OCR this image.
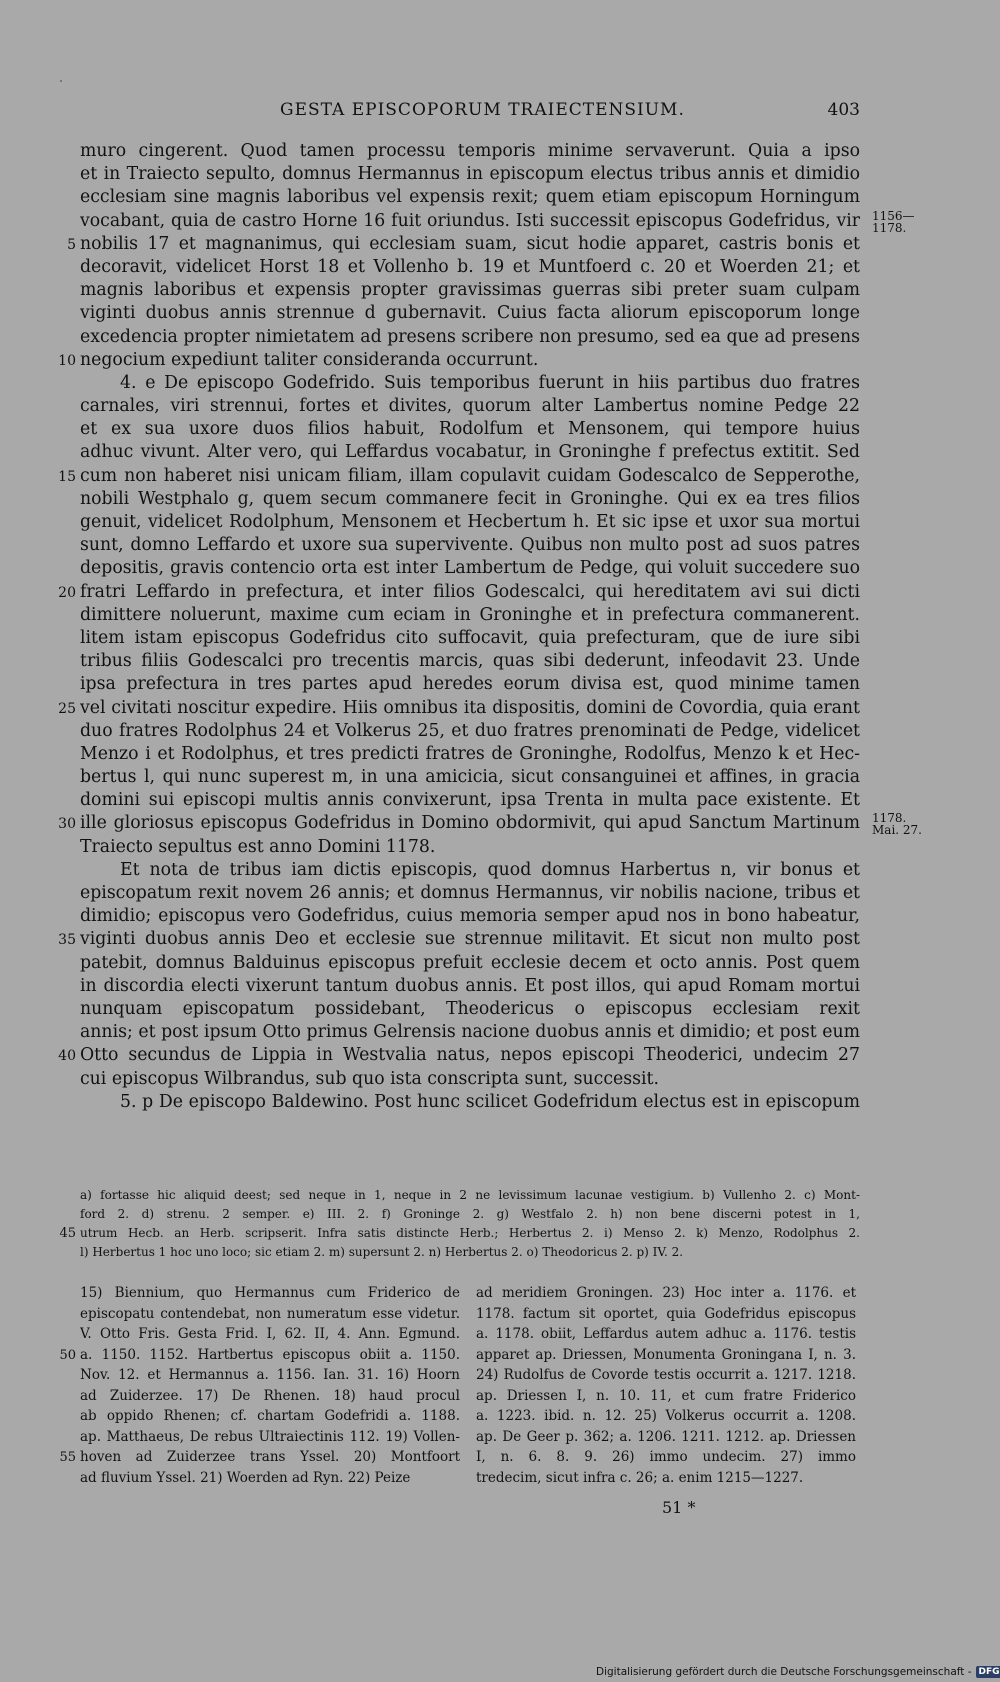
GESTA EPISCOPORUM TRAIECTENSIUM.	403
muro cingerent. Quod tamen processu temporis minime servaverunt. Quia a ipso
et in Traiecto sepulto, domnus Hermannus in episcopum electus tribus annis et dimidio
ecclesiam sine magnis laboribus vel expensis rexit; quem etiam episcopum Horningum
vocabant, quia de castro Horne 16 fuit oriundus. Isti successit episcopus Godefridus, vir 1156—
1178.
5 nobilis 17 et magnanimus, qui ecclesiam suam, sicut hodie apparet, castris bonis et
decoravit, videlicet Horst 18 et Vollenho b. 19 et Muntfoerd c. 20 et Woerden 21; et
magnis laboribus et expensis propter gravissimas guerras sibi preter suam culpam
viginti duobus annis strennue d gubernavit. Cuius facta aliorum episcoporum longe
excedencia propter nimietatem ad presens scribere non presumo, sed ea que ad presens
10 negocium expediunt taliter consideranda occurrunt.
4. e De episcopo Godefrido. Suis temporibus fuerunt in hiis partibus duo fratres
carnales, viri strennui, fortes et divites, quorum alter Lambertus nomine Pedge 22
et ex sua uxore duos filios habuit, Rodolfum et Mensonem, qui tempore huius
adhuc vivunt. Alter vero, qui Leffardus vocabatur, in Groninghe f prefectus extitit. Sed
15 cum non haberet nisi unicam filiam, illam copulavit cuidam Godescalco de Sepperothe,
nobili Westphalo g, quem secum commanere fecit in Groninghe. Qui ex ea tres filios
genuit, videlicet Rodolphum, Mensonem et Hecbertum h. Et sic ipse et uxor sua mortui
sunt, domno Leffardo et uxore sua supervivente. Quibus non multo post ad suos patres
depositis, gravis contencio orta est inter Lambertum de Pedge, qui voluit succedere suo
20 fratri Leffardo in prefectura, et inter filios Godescalci, qui hereditatem avi sui dicti
dimittere noluerunt, maxime cum eciam in Groninghe et in prefectura commanerent.
litem istam episcopus Godefridus cito suffocavit, quia prefecturam, que de iure sibi
tribus filiis Godescalci pro trecentis marcis, quas sibi dederunt, infeodavit 23. Unde
ipsa prefectura in tres partes apud heredes eorum divisa est, quod minime tamen
25 vel civitati noscitur expedire. Hiis omnibus ita dispositis, domini de Covordia, quia erant
duo fratres Rodolphus 24 et Volkerus 25, et duo fratres prenominati de Pedge, videlicet
Menzo i et Rodolphus, et tres predicti fratres de Groninghe, Rodolfus, Menzo k et Hec-
bertus l, qui nunc superest m, in una amicicia, sicut consanguinei et affines, in gracia
domini sui episcopi multis annis convixerunt, ipsa Trenta in multa pace existente. Et
30 ille gloriosus episcopus Godefridus in Domino obdormivit, qui apud Sanctum Martinum 1178.
Mai. 27.
Traiecto sepultus est anno Domini 1178.
Et nota de tribus iam dictis episcopis, quod domnus Harbertus n, vir bonus et
episcopatum rexit novem 26 annis; et domnus Hermannus, vir nobilis nacione, tribus et
dimidio; episcopus vero Godefridus, cuius memoria semper apud nos in bono habeatur,
35 viginti duobus annis Deo et ecclesie sue strennue militavit. Et sicut non multo post
patebit, domnus Balduinus episcopus prefuit ecclesie decem et octo annis. Post quem
in discordia electi vixerunt tantum duobus annis. Et post illos, qui apud Romam mortui
nunquam episcopatum possidebant, Theodericus o episcopus ecclesiam rexit
annis; et post ipsum Otto primus Gelrensis nacione duobus annis et dimidio; et post eum
40 Otto secundus de Lippia in Westvalia natus, nepos episcopi Theoderici, undecim 27
cui episcopus Wilbrandus, sub quo ista conscripta sunt, successit.
5. p De episcopo Baldewino. Post hunc scilicet Godefridum electus est in episcopum
a) fortasse hic aliquid deest; sed neque in 1, neque in 2 ne levissimum lacunae vestigium. b) Vullenho 2. c) Mont-
ford 2. d) strenu. 2 semper. e) III. 2. f) Groninge 2. g) Westfalo 2. h) non bene discerni potest in 1,
45 utrum Hecb. an Herb. scripserit. Infra satis distincte Herb.; Herbertus 2. i) Menso 2. k) Menzo, Rodolphus 2.
l) Herbertus 1 hoc uno loco; sic etiam 2. m) supersunt 2. n) Herbertus 2. o) Theodoricus 2. p) IV. 2.
15) Biennium, quo Hermannus cum Friderico de
episcopatu contendebat, non numeratum esse videtur.
V. Otto Fris. Gesta Frid. I, 62. II, 4. Ann. Egmund.
50 a. 1150. 1152. Hartbertus episcopus obiit a. 1150.
Nov. 12. et Hermannus a. 1156. Ian. 31. 16) Hoorn
ad Zuiderzee. 17) De Rhenen. 18) haud procul
ab oppido Rhenen; cf. chartam Godefridi a. 1188.
ap. Matthaeus, De rebus Ultraiectinis 112. 19) Vollen-
55 hoven ad Zuiderzee trans Yssel. 20) Montfoort
ad fluvium Yssel. 21) Woerden ad Ryn. 22) Peize
ad meridiem Groningen. 23) Hoc inter a. 1176. et
1178. factum sit oportet, quia Godefridus episcopus
a. 1178. obiit, Leffardus autem adhuc a. 1176. testis
apparet ap. Driessen, Monumenta Groningana I, n. 3.
24) Rudolfus de Covorde testis occurrit a. 1217. 1218.
ap. Driessen I, n. 10. 11, et cum fratre Friderico
a. 1223. ibid. n. 12. 25) Volkerus occurrit a. 1208.
ap. De Geer p. 362; a. 1206. 1211. 1212. ap. Driessen
I, n. 6. 8. 9. 26) immo undecim. 27) immo
tredecim, sicut infra c. 26; a. enim 1215—1227.
51 *
Digitalisierung gefördert durch die Deutsche Forschungsgemeinschaft - DFG
